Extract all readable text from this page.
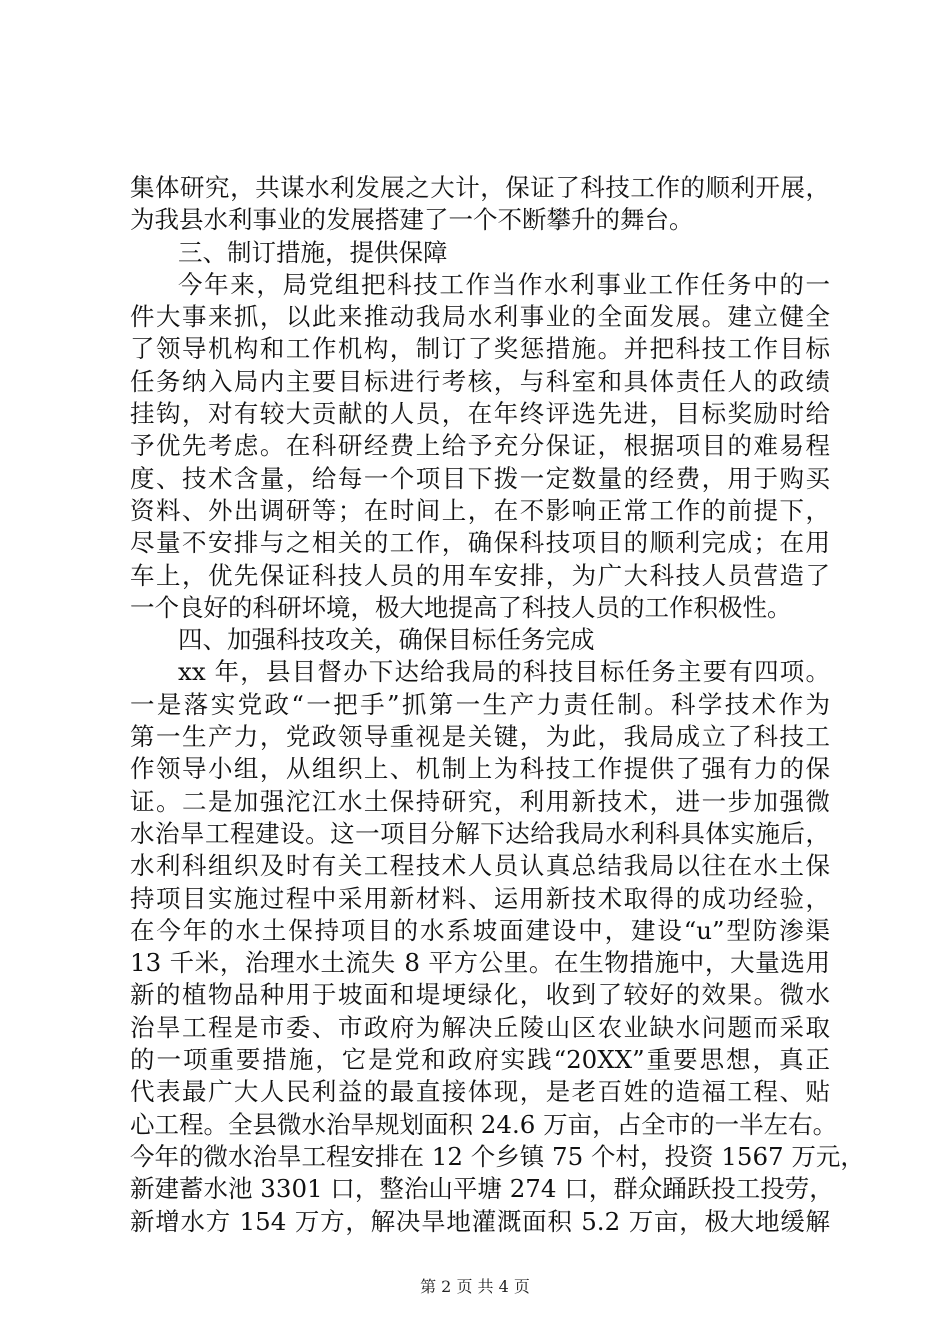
集体研究，共谋水利发展之大计，保证了科技工作的顺利开展，
为我县水利事业的发展搭建了一个不断攀升的舞台。
三、制订措施，提供保障
今年来，局党组把科技工作当作水利事业工作任务中的一
件大事来抓，以此来推动我局水利事业的全面发展。建立健全
了领导机构和工作机构，制订了奖惩措施。并把科技工作目标
任务纳入局内主要目标进行考核，与科室和具体责任人的政绩
挂钩，对有较大贡献的人员，在年终评选先进，目标奖励时给
予优先考虑。在科研经费上给予充分保证，根据项目的难易程
度、技术含量，给每一个项目下拨一定数量的经费，用于购买
资料、外出调研等；在时间上，在不影响正常工作的前提下，
尽量不安排与之相关的工作，确保科技项目的顺利完成；在用
车上，优先保证科技人员的用车安排，为广大科技人员营造了
一个良好的科研坏境，极大地提高了科技人员的工作积极性。
四、加强科技攻关，确保目标任务完成
xx 年，县目督办下达给我局的科技目标任务主要有四项。
一是落实党政“一把手”抓第一生产力责任制。科学技术作为
第一生产力，党政领导重视是关键，为此，我局成立了科技工
作领导小组，从组织上、机制上为科技工作提供了强有力的保
证。二是加强沱江水土保持研究，利用新技术，进一步加强微
水治旱工程建设。这一项目分解下达给我局水利科具体实施后，
水利科组织及时有关工程技术人员认真总结我局以往在水土保
持项目实施过程中采用新材料、运用新技术取得的成功经验，
在今年的水土保持项目的水系坡面建设中，建设“u”型防渗渠
13 千米，治理水土流失 8 平方公里。在生物措施中，大量选用
新的植物品种用于坡面和堤埂绿化，收到了较好的效果。微水
治旱工程是市委、市政府为解决丘陵山区农业缺水问题而采取
的一项重要措施，它是党和政府实践“20XX”重要思想，真正
代表最广大人民利益的最直接体现，是老百姓的造福工程、贴
心工程。全县微水治旱规划面积 24.6 万亩，占全市的一半左右。
今年的微水治旱工程安排在 12 个乡镇 75 个村，投资 1567 万元，
新建蓄水池 3301 口，整治山平塘 274 口，群众踊跃投工投劳，
新增水方 154 万方，解决旱地灌溉面积 5.2 万亩，极大地缓解
第 2 页 共 4 页
